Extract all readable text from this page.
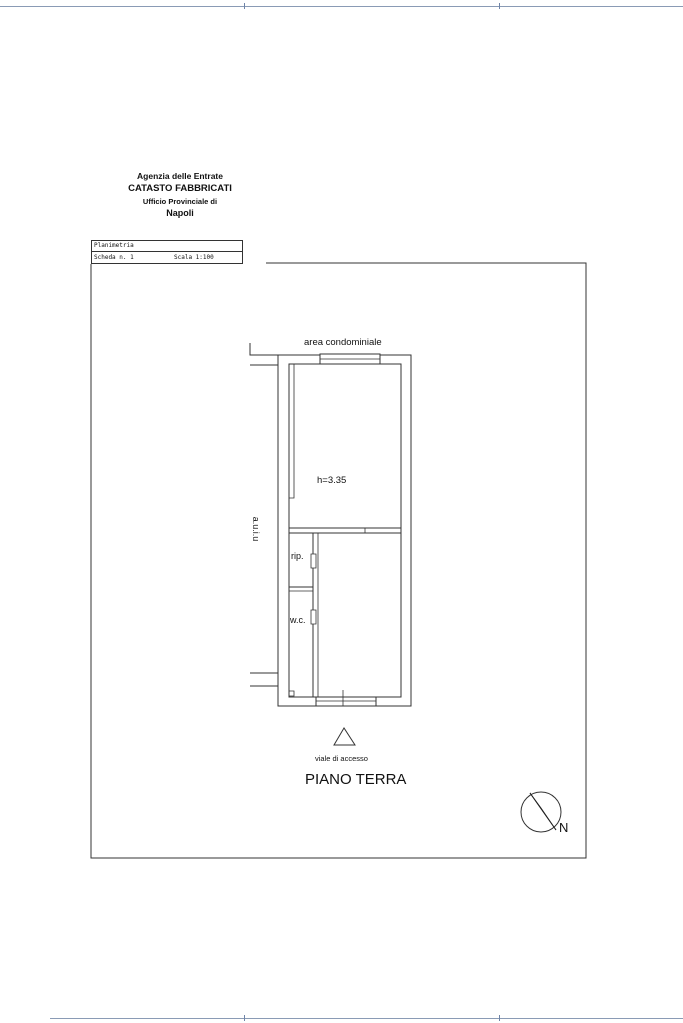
Agenzia delle Entrate
CATASTO FABBRICATI
Ufficio Provinciale di
Napoli
Planimetria
Scheda n. 1	Scala 1:100
area condominiale
h=3.35
a.u.i.u
rip.
w.c.
viale di accesso
PIANO TERRA
N
